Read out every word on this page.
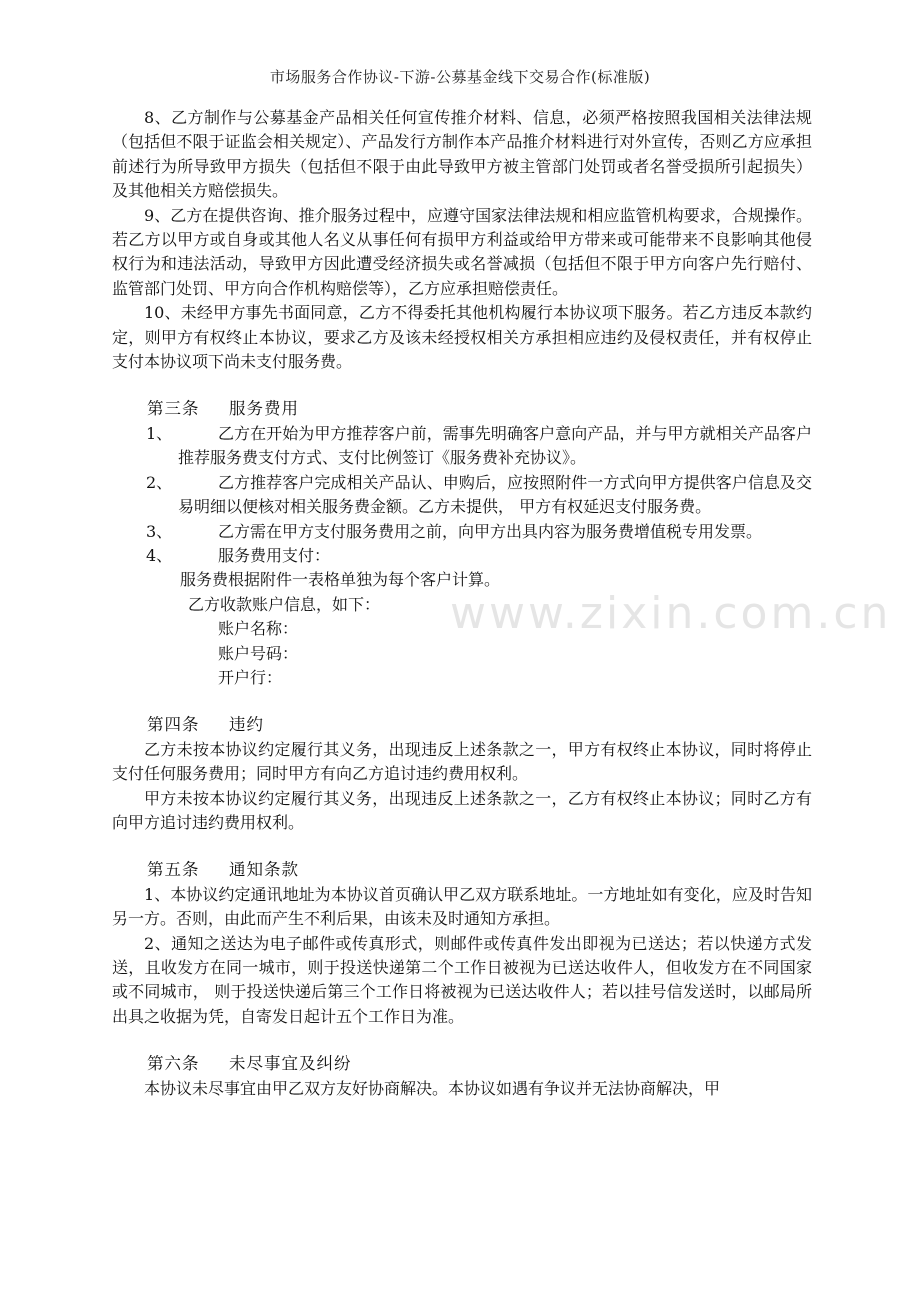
市场服务合作协议-下游-公募基金线下交易合作(标准版)
www.zixin.com.cn

8、乙方制作与公募基金产品相关任何宣传推介材料、信息，必须严格按照我国相关法律法规（包括但不限于证监会相关规定）、产品发行方制作本产品推介材料进行对外宣传，否则乙方应承担前述行为所导致甲方损失（包括但不限于由此导致甲方被主管部门处罚或者名誉受损所引起损失）及其他相关方赔偿损失。

9、乙方在提供咨询、推介服务过程中，应遵守国家法律法规和相应监管机构要求，合规操作。若乙方以甲方或自身或其他人名义从事任何有损甲方利益或给甲方带来或可能带来不良影响其他侵权行为和违法活动，导致甲方因此遭受经济损失或名誉减损（包括但不限于甲方向客户先行赔付、监管部门处罚、甲方向合作机构赔偿等），乙方应承担赔偿责任。

10、未经甲方事先书面同意，乙方不得委托其他机构履行本协议项下服务。若乙方违反本款约定，则甲方有权终止本协议，要求乙方及该未经授权相关方承担相应违约及侵权责任，并有权停止支付本协议项下尚未支付服务费。

第三条 服务费用
1、	乙方在开始为甲方推荐客户前，需事先明确客户意向产品，并与甲方就相关产品客户推荐服务费支付方式、支付比例签订《服务费补充协议》。

2、	乙方推荐客户完成相关产品认、申购后，应按照附件一方式向甲方提供客户信息及交易明细以便核对相关服务费金额。乙方未提供， 甲方有权延迟支付服务费。

3、	乙方需在甲方支付服务费用之前，向甲方出具内容为服务费增值税专用发票。

4、	服务费用支付：

服务费根据附件一表格单独为每个客户计算。

乙方收款账户信息，如下：

账户名称：

账户号码：

开户行：

第四条 违约

乙方未按本协议约定履行其义务，出现违反上述条款之一，甲方有权终止本协议，同时将停止支付任何服务费用；同时甲方有向乙方追讨违约费用权利。

甲方未按本协议约定履行其义务，出现违反上述条款之一，乙方有权终止本协议；同时乙方有向甲方追讨违约费用权利。

第五条 通知条款

1、本协议约定通讯地址为本协议首页确认甲乙双方联系地址。一方地址如有变化，应及时告知另一方。否则，由此而产生不利后果，由该未及时通知方承担。

2、通知之送达为电子邮件或传真形式，则邮件或传真件发出即视为已送达；若以快递方式发送，且收发方在同一城市，则于投送快递第二个工作日被视为已送达收件人，但收发方在不同国家或不同城市， 则于投送快递后第三个工作日将被视为已送达收件人；若以挂号信发送时，以邮局所出具之收据为凭，自寄发日起计五个工作日为准。

第六条 未尽事宜及纠纷

本协议未尽事宜由甲乙双方友好协商解决。本协议如遇有争议并无法协商解决，甲
